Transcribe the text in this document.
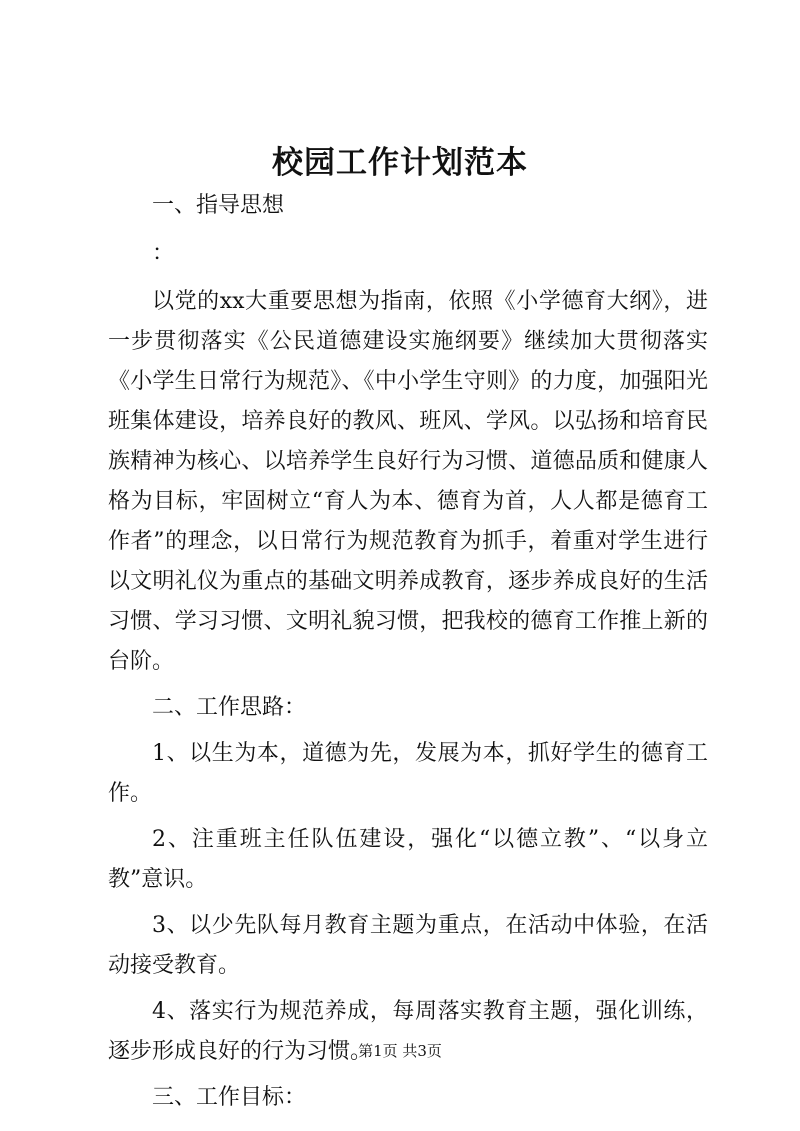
校园工作计划范本

一、指导思想

：

以党的xx大重要思想为指南，依照《小学德育大纲》，进一步贯彻落实《公民道德建设实施纲要》继续加大贯彻落实《小学生日常行为规范》、《中小学生守则》的力度，加强阳光班集体建设，培养良好的教风、班风、学风。以弘扬和培育民族精神为核心、以培养学生良好行为习惯、道德品质和健康人格为目标，牢固树立“育人为本、德育为首，人人都是德育工作者”的理念，以日常行为规范教育为抓手，着重对学生进行以文明礼仪为重点的基础文明养成教育，逐步养成良好的生活习惯、学习习惯、文明礼貌习惯，把我校的德育工作推上新的台阶。

二、工作思路：

1、以生为本，道德为先，发展为本，抓好学生的德育工作。

2、注重班主任队伍建设，强化“以德立教”、“以身立教”意识。

3、以少先队每月教育主题为重点，在活动中体验，在活动接受教育。

4、落实行为规范养成，每周落实教育主题，强化训练，逐步形成良好的行为习惯。

三、工作目标：

第1页 共3页
